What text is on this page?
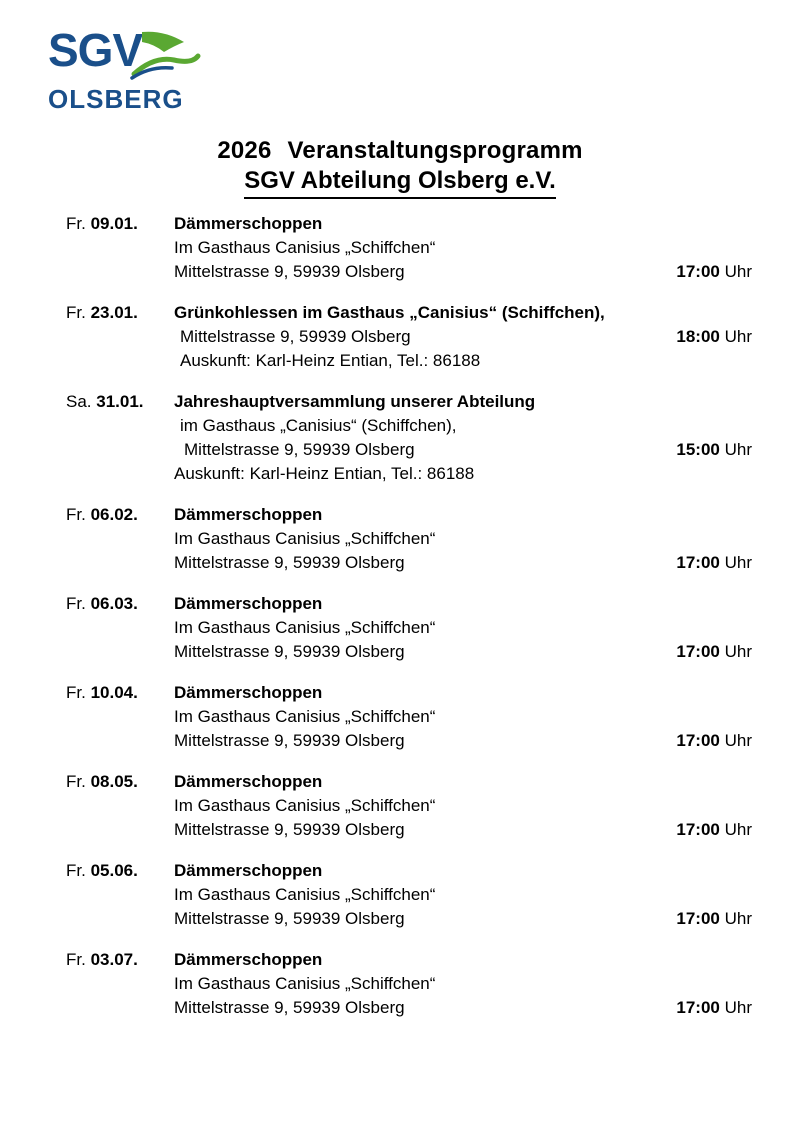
SGV
OLSBERG
2026 Veranstaltungsprogramm
SGV Abteilung Olsberg e.V.
Fr. 09.01.	Dämmerschoppen
Im Gasthaus Canisius „Schiffchen“
Mittelstrasse 9, 59939 Olsberg	17:00 Uhr
Fr. 23.01.	Grünkohlessen im Gasthaus „Canisius“ (Schiffchen),
Mittelstrasse 9, 59939 Olsberg	18:00 Uhr
Auskunft: Karl-Heinz Entian, Tel.: 86188
Sa. 31.01.	Jahreshauptversammlung unserer Abteilung
im Gasthaus „Canisius“ (Schiffchen),
Mittelstrasse 9, 59939 Olsberg	15:00 Uhr
Auskunft: Karl-Heinz Entian, Tel.: 86188
Fr. 06.02.	Dämmerschoppen
Im Gasthaus Canisius „Schiffchen“
Mittelstrasse 9, 59939 Olsberg	17:00 Uhr
Fr. 06.03.	Dämmerschoppen
Im Gasthaus Canisius „Schiffchen“
Mittelstrasse 9, 59939 Olsberg	17:00 Uhr
Fr. 10.04.	Dämmerschoppen
Im Gasthaus Canisius „Schiffchen“
Mittelstrasse 9, 59939 Olsberg	17:00 Uhr
Fr. 08.05.	Dämmerschoppen
Im Gasthaus Canisius „Schiffchen“
Mittelstrasse 9, 59939 Olsberg	17:00 Uhr
Fr. 05.06.	Dämmerschoppen
Im Gasthaus Canisius „Schiffchen“
Mittelstrasse 9, 59939 Olsberg	17:00 Uhr
Fr. 03.07.	Dämmerschoppen
Im Gasthaus Canisius „Schiffchen“
Mittelstrasse 9, 59939 Olsberg	17:00 Uhr
